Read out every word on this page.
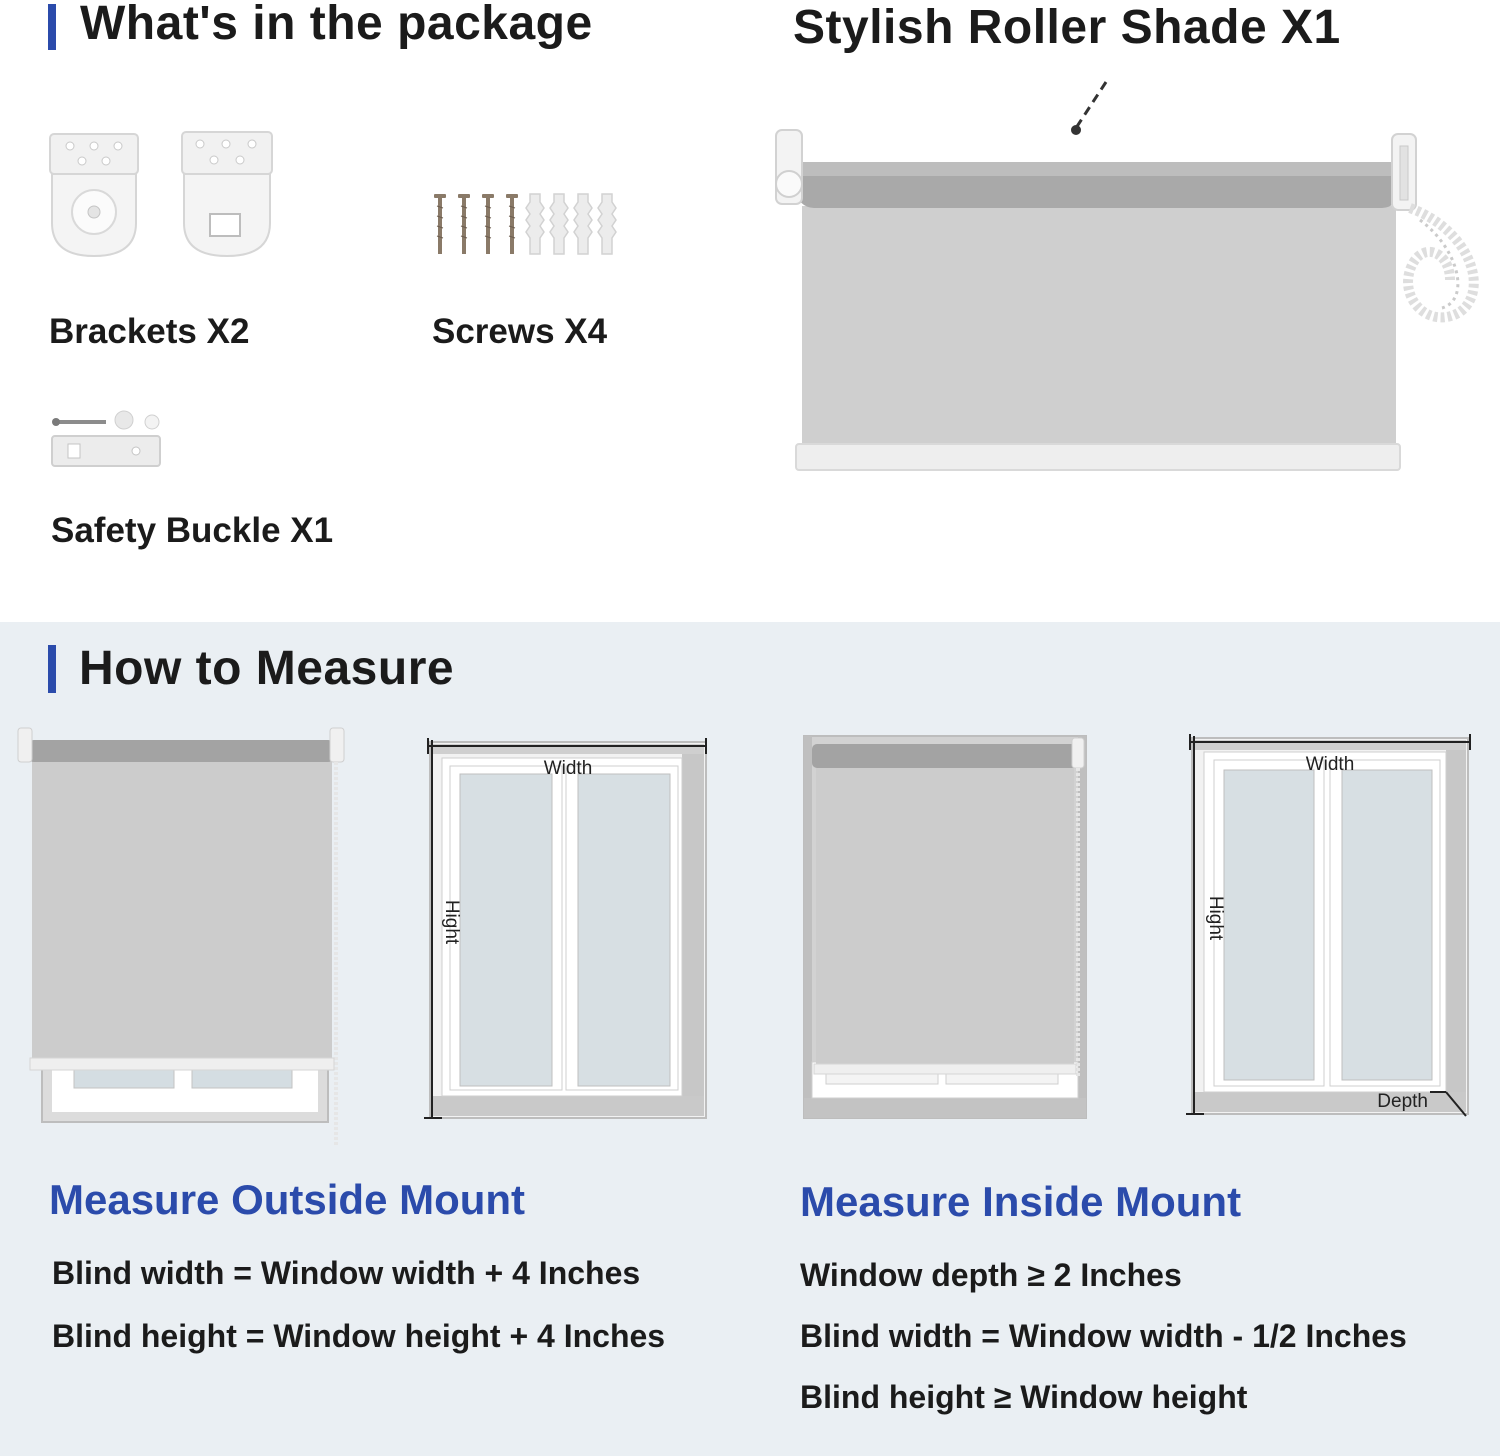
What's in the package
Brackets X2	Screws X4
Safety Buckle X1
Stylish Roller Shade X1
How to Measure
Width
Hight
Width
Hight
Depth
Measure Outside Mount
Blind width = Window width + 4 Inches
Blind height = Window height + 4 Inches
Measure Inside Mount
Window depth ≥ 2 Inches
Blind width = Window width - 1/2 Inches
Blind height ≥ Window height
